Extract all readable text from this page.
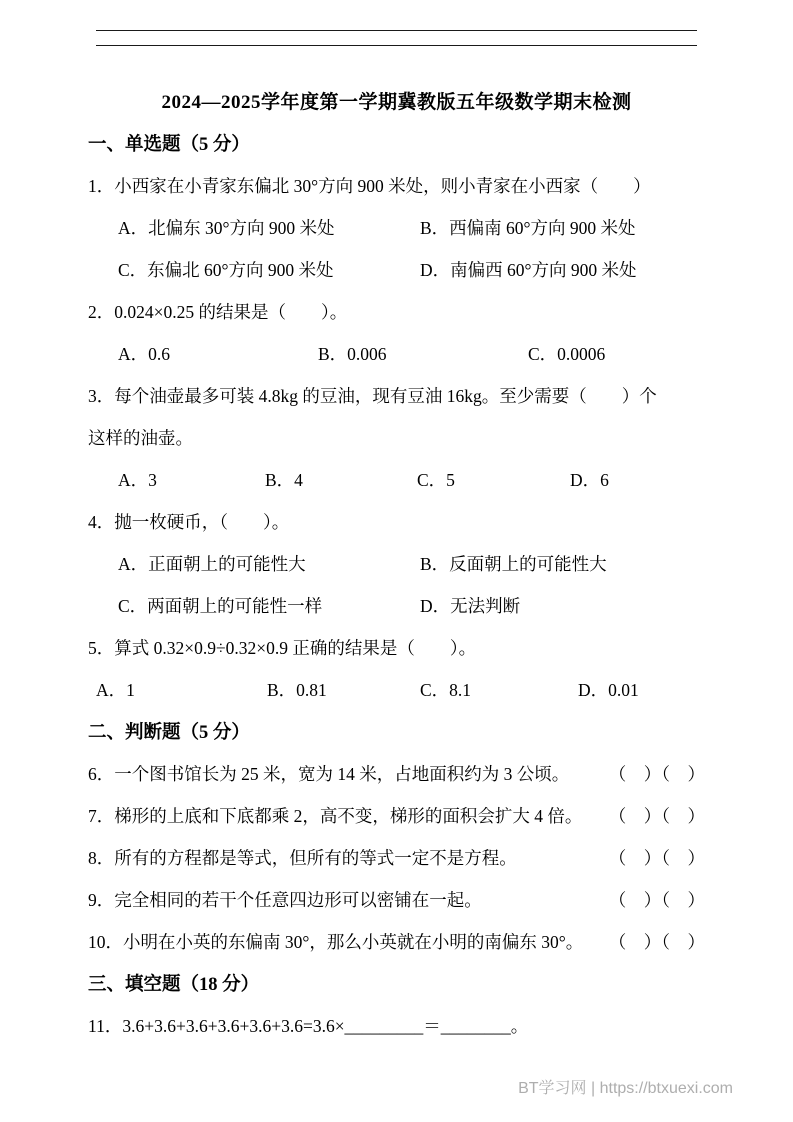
2024—2025学年度第一学期冀教版五年级数学期末检测
一、单选题（5 分）
1．小西家在小青家东偏北 30°方向 900 米处，则小青家在小西家（　　）
A．北偏东 30°方向 900 米处	B．西偏南 60°方向 900 米处
C．东偏北 60°方向 900 米处	D．南偏西 60°方向 900 米处
2．0.024×0.25 的结果是（　　）。
A．0.6	B．0.006	C．0.0006
3．每个油壶最多可装 4.8kg 的豆油，现有豆油 16kg。至少需要（　　）个
这样的油壶。
A．3	B．4	C．5	D．6
4．抛一枚硬币，（　　）。
A．正面朝上的可能性大	B．反面朝上的可能性大
C．两面朝上的可能性一样	D．无法判断
5．算式 0.32×0.9÷0.32×0.9 正确的结果是（　　）。
A．1	B．0.81	C．8.1	D．0.01
二、判断题（5 分）
6．一个图书馆长为 25 米，宽为 14 米，占地面积约为 3 公顷。 （　）（　）
7．梯形的上底和下底都乘 2，高不变，梯形的面积会扩大 4 倍。 （　）（　）
8．所有的方程都是等式，但所有的等式一定不是方程。	（　）（　）
9．完全相同的若干个任意四边形可以密铺在一起。	（　）（　）
10．小明在小英的东偏南 30°，那么小英就在小明的南偏东 30°。 （　）（　）
三、填空题（18 分）
11．3.6+3.6+3.6+3.6+3.6+3.6=3.6×_________＝________。
BT学习网 | https://btxuexi.com
